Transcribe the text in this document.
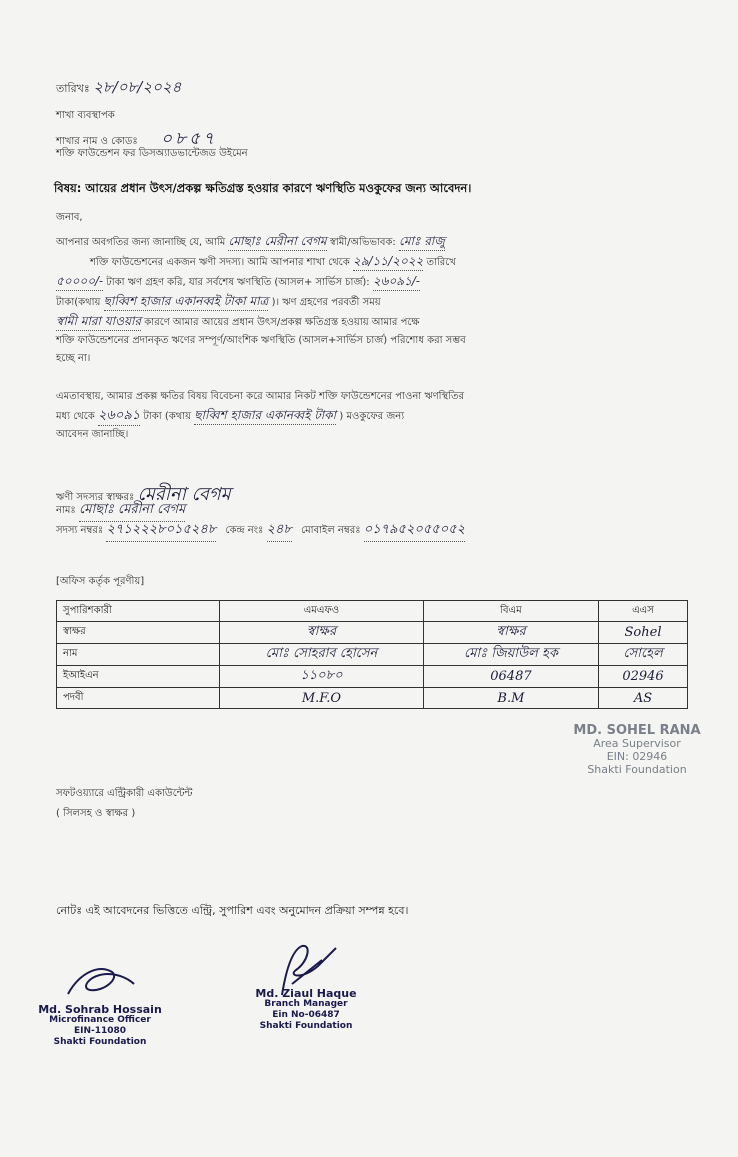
তারিখঃ ২৮/০৮/২০২৪
শাখা ব্যবস্থাপক
শাখার নাম ও কোডঃ ০৮৫৭
শক্তি ফাউন্ডেশন ফর ডিসঅ্যাডভান্টেজড উইমেন
বিষয়: আয়ের প্রধান উৎস/প্রকল্প ক্ষতিগ্রস্ত হওয়ার কারণে ঋণস্থিতি মওকুফের জন্য আবেদন।
জনাব,
আপনার অবগতির জন্য জানাচ্ছি যে, আমি মোছাঃ মেরীনা বেগম স্বামী/অভিভাবক: মোঃ রাজু
শক্তি ফাউন্ডেশনের একজন ঋণী সদস্য। আমি আপনার শাখা থেকে ২৯/১১/২০২২ তারিখে
৫০০০০/- টাকা ঋণ গ্রহণ করি, যার সর্বশেষ ঋণস্থিতি (আসল+ সার্ভিস চার্জ): ২৬০৯১/-
টাকা(কথায় ছাব্বিশ হাজার একানব্বই টাকা মাত্র )। ঋণ গ্রহণের পরবর্তী সময়
স্বামী মারা যাওয়ার কারণে আমার আয়ের প্রধান উৎস/প্রকল্প ক্ষতিগ্রস্ত হওয়ায় আমার পক্ষে
শক্তি ফাউন্ডেশনের প্রদানকৃত ঋণের সম্পূর্ণ/আংশিক ঋণস্থিতি (আসল+সার্ভিস চার্জ) পরিশোধ করা সম্ভব
হচ্ছে না।
এমতাবস্থায়, আমার প্রকল্প ক্ষতির বিষয় বিবেচনা করে আমার নিকট শক্তি ফাউন্ডেশনের পাওনা ঋণস্থিতির
মধ্য থেকে ২৬০৯১ টাকা (কথায় ছাব্বিশ হাজার একানব্বই টাকা ) মওকুফের জন্য
আবেদন জানাচ্ছি।
ঋণী সদস্যর স্বাক্ষরঃ মেরীনা বেগম
নামঃ মোছাঃ মেরীনা বেগম
সদস্য নম্বরঃ ২৭১২২২৮০১৫২৪৮ কেন্দ্র নংঃ ২৪৮ মোবাইল নম্বরঃ ০১৭৯৫২০৫৫০৫২
[অফিস কর্তৃক পূরণীয়]
সুপারিশকারী	এমএফও	বিএম	এএস
স্বাক্ষর	স্বাক্ষর	স্বাক্ষর	Sohel
নাম	মোঃ সোহরাব হোসেন	মোঃ জিয়াউল হক	সোহেল
ইআইএন	১১০৮০	06487	02946
পদবী	M.F.O	B.M	AS
MD. SOHEL RANA
Area Supervisor
EIN: 02946
Shakti Foundation
সফটওয়্যারে এন্ট্রিকারী একাউন্টেন্ট
( সিলসহ ও স্বাক্ষর )
নোটঃ এই আবেদনের ভিত্তিতে এন্ট্রি, সুপারিশ এবং অনুমোদন প্রক্রিয়া সম্পন্ন হবে।
Md. Sohrab Hossain
Microfinance Officer
EIN-11080
Shakti Foundation
Md. Ziaul Haque
Branch Manager
Ein No-06487
Shakti Foundation
